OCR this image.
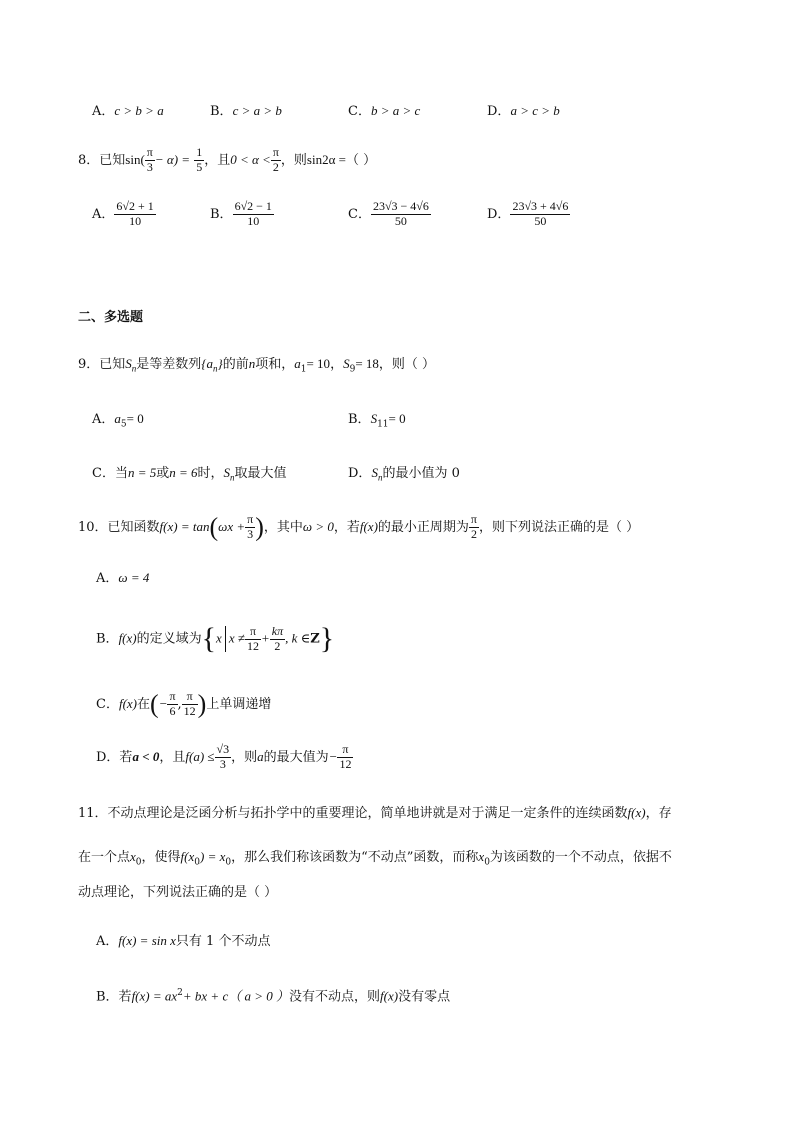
A．c > b > a	B．c > a > b	C．b > a > c	D．a > c > b
8．已知$\sin( \frac{\pi}{3} - \alpha) = \frac{1}{5}$ ，且$0 < \alpha < \frac{\pi}{2}$ ，则sin2α =（ ）
A． $\frac{6√2 + 1}{10}$	B． $\frac{6√2 - 1}{10}$	C． $\frac{23√3 - 4√6}{50}$	D． $\frac{23√3 + 4√6}{50}$
二、多选题
9．已知$S_n$是等差数列$\{a_n\}$的前n项和，$a_1= 10$，$S_9= 18$，则（ ）
A．$a_5= 0$	B．$S_{11}= 0$
C．当n = 5或n = 6时，$S_n$取最大值	D．$S_n$的最小值为 0
10．已知函数$f(x) = \tan(\omega x + \frac{\pi}{3}$ )，其中ω > 0，若f(x)的最小正周期为 $\frac{\pi}{2}$ ，则下列说法正确的是（ ）
A．ω = 4
B．f(x)的定义域为{x $x \ne \frac{\pi}{12} + \frac{k\pi}{2}$ , k ∈Z}
C．f(x)在(− $\frac{\pi}{6}$ , $\frac{\pi}{12}$ )上单调递增
D．若a < 0，且$f(a) \le \frac{√3}{3}$ ，则a的最大值为− $\frac{\pi}{12}$
11．不动点理论是泛函分析与拓扑学中的重要理论，简单地讲就是对于满足一定条件的连续函数f(x)，存
在一个点$x_0$，使得$f(x_0) = x_0$，那么我们称该函数为“不动点”函数，而称$x_0$为该函数的一个不动点，依据不
动点理论，下列说法正确的是（ ）
A．f(x) = sin x只有 1 个不动点
B．若$f(x) = ax^2+$ bx + c（ a > 0 ）没有不动点，则f(x)没有零点
